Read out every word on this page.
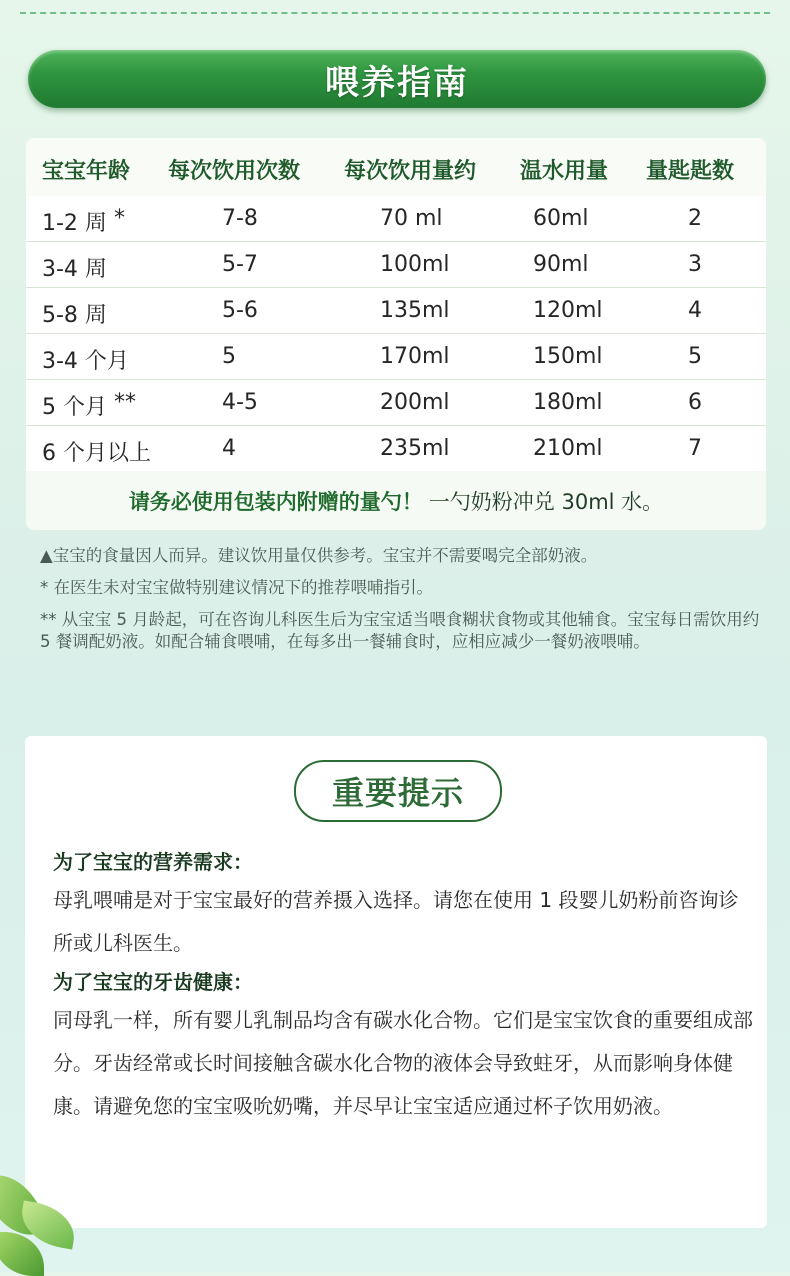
喂养指南
宝宝年龄 每次饮用次数 每次饮用量约 温水用量 量匙匙数
1-2 周 *	7-8	70 ml	60ml	2
3-4 周	5-7	100ml	90ml	3
5-8 周	5-6	135ml	120ml	4
3-4 个月	5	170ml	150ml	5
5 个月 **	4-5	200ml	180ml	6
6 个月以上	4	235ml	210ml	7
请务必使用包装内附赠的量勺！ 一勺奶粉冲兑 30ml 水。

▲宝宝的食量因人而异。建议饮用量仅供参考。宝宝并不需要喝完全部奶液。

* 在医生未对宝宝做特别建议情况下的推荐喂哺指引。

** 从宝宝 5 月龄起，可在咨询儿科医生后为宝宝适当喂食糊状食物或其他辅食。宝宝每日需饮用约 5 餐调配奶液。如配合辅食喂哺，在每多出一餐辅食时，应相应减少一餐奶液喂哺。

重要提示

为了宝宝的营养需求：

母乳喂哺是对于宝宝最好的营养摄入选择。请您在使用 1 段婴儿奶粉前咨询诊所或儿科医生。

为了宝宝的牙齿健康：

同母乳一样，所有婴儿乳制品均含有碳水化合物。它们是宝宝饮食的重要组成部分。牙齿经常或长时间接触含碳水化合物的液体会导致蛀牙，从而影响身体健康。请避免您的宝宝吸吮奶嘴，并尽早让宝宝适应通过杯子饮用奶液。
